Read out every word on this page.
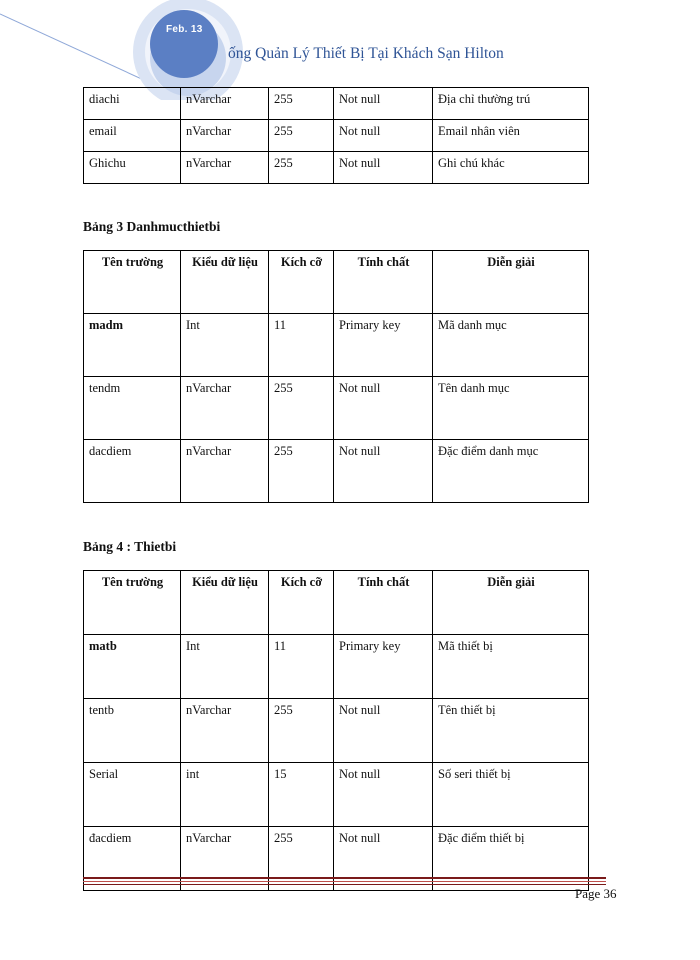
Feb. 13
ống Quản Lý Thiết Bị Tại Khách Sạn Hilton
diachi	nVarchar	255	Not null	Địa chỉ thường trú
email	nVarchar	255	Not null	Email nhân viên
Ghichu	nVarchar	255	Not null	Ghi chú khác
Bảng 3 Danhmucthietbi
Tên trường	Kiểu dữ liệu	Kích cỡ	Tính chất	Diễn giải
madm	Int	11	Primary key	Mã danh mục
tendm	nVarchar	255	Not null	Tên danh mục
dacdiem	nVarchar	255	Not null	Đặc điểm danh mục
Bảng 4 : Thietbi
Tên trường	Kiểu dữ liệu	Kích cỡ	Tính chất	Diễn giải
matb	Int	11	Primary key	Mã thiết bị
tentb	nVarchar	255	Not null	Tên thiết bị
Serial	int	15	Not null	Số seri thiết bị
đacdiem	nVarchar	255	Not null	Đặc điểm thiết bị
Page 36
